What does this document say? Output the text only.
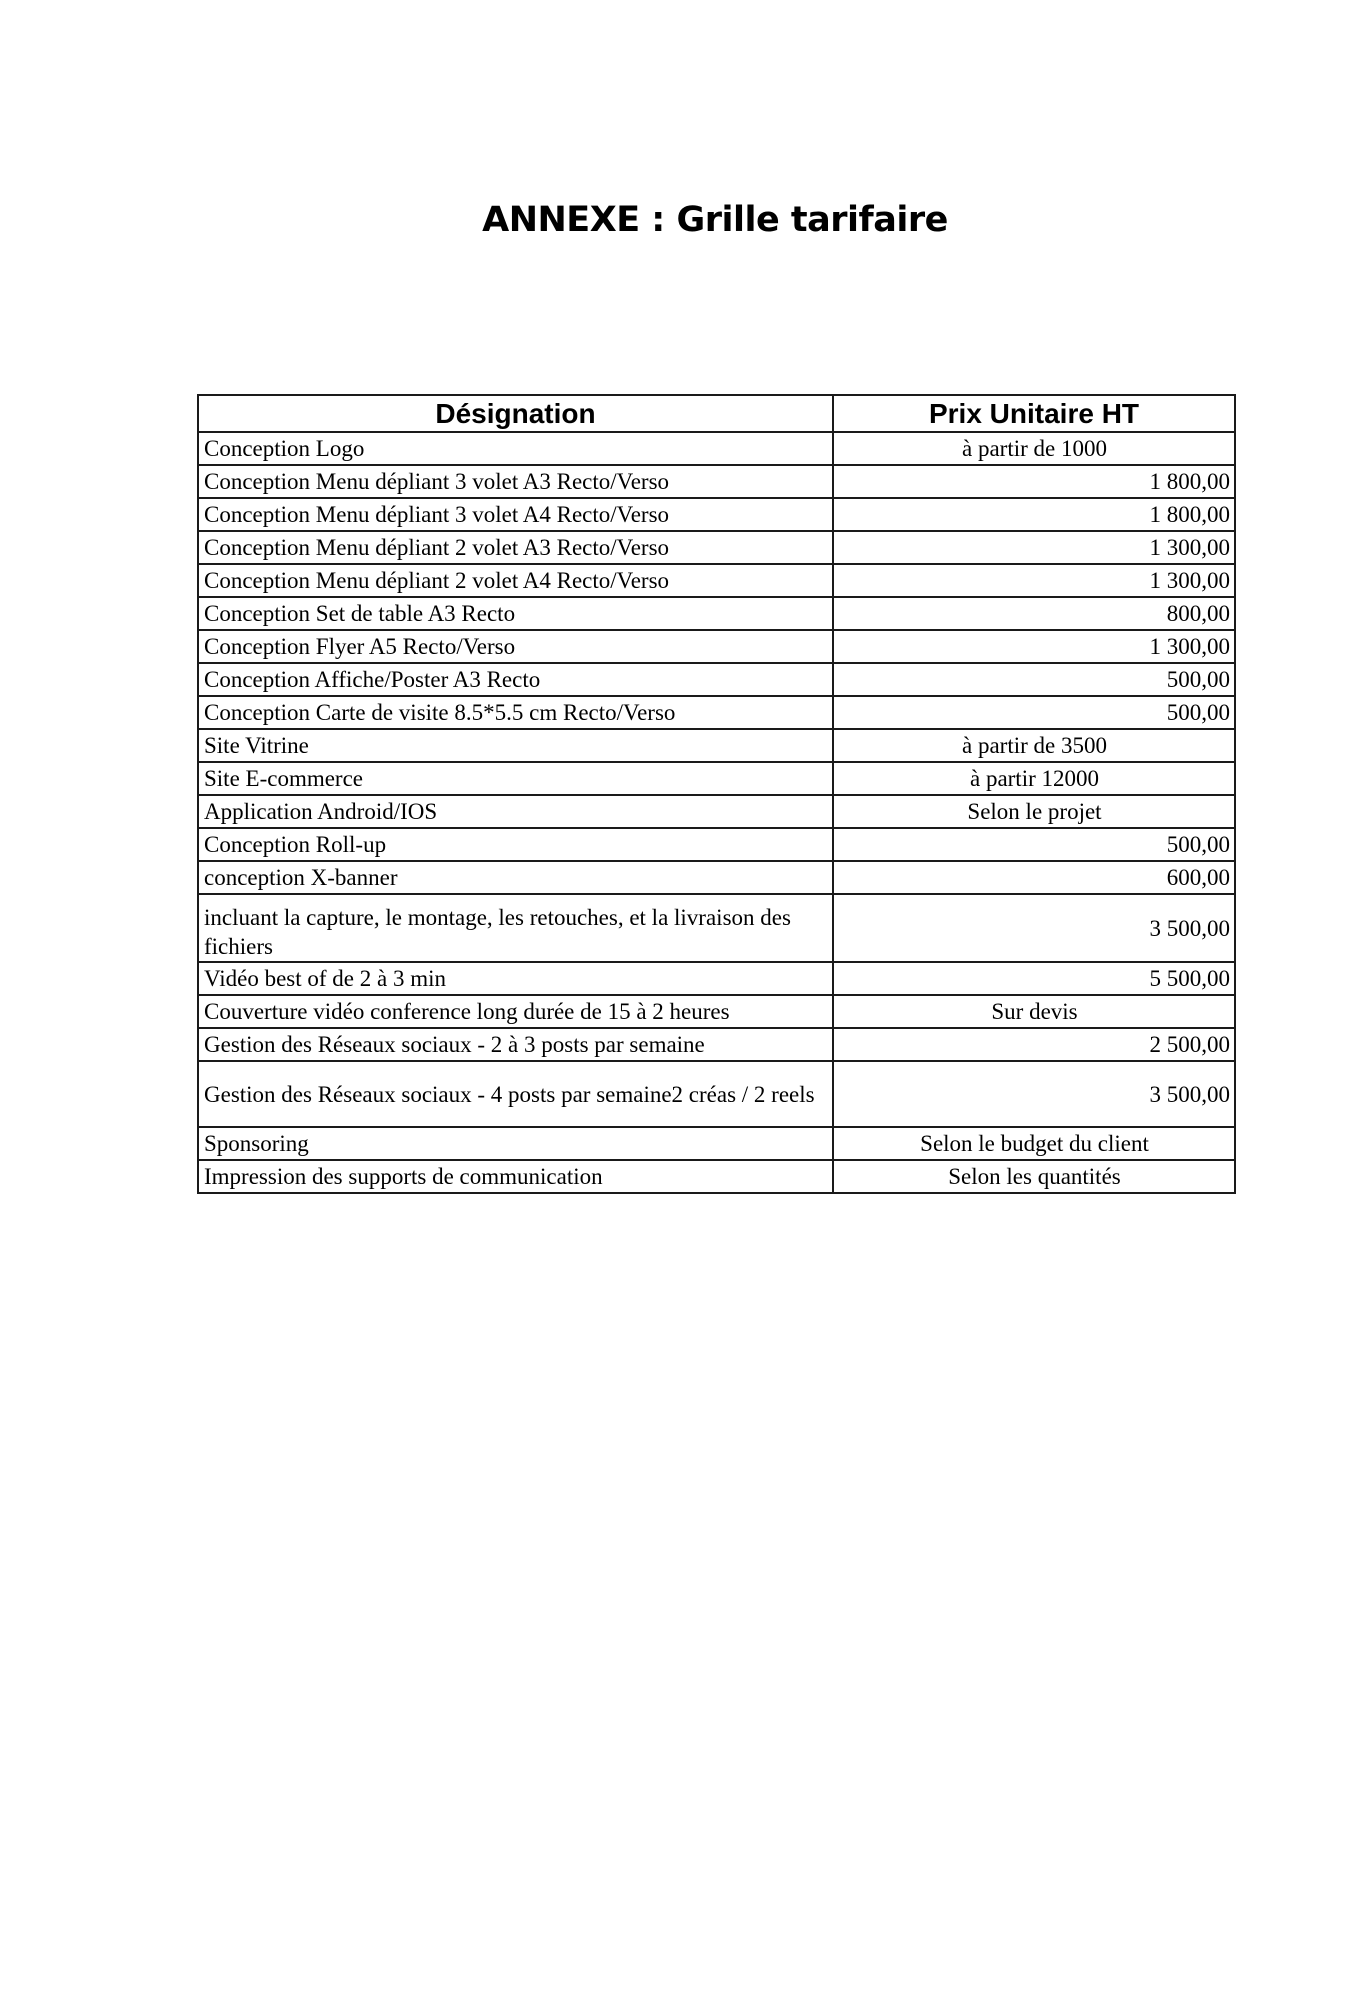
ANNEXE : Grille tarifaire
Désignation	Prix Unitaire HT
Conception Logo	à partir de 1000
Conception Menu dépliant 3 volet A3 Recto/Verso	1 800,00
Conception Menu dépliant 3 volet A4 Recto/Verso	1 800,00
Conception Menu dépliant 2 volet A3 Recto/Verso	1 300,00
Conception Menu dépliant 2 volet A4 Recto/Verso	1 300,00
Conception Set de table A3 Recto	800,00
Conception Flyer A5 Recto/Verso	1 300,00
Conception Affiche/Poster A3 Recto	500,00
Conception Carte de visite 8.5*5.5 cm Recto/Verso	500,00
Site Vitrine	à partir de 3500
Site E-commerce	à partir 12000
Application Android/IOS	Selon le projet
Conception Roll-up	500,00
conception X-banner	600,00

incluant la capture, le montage, les retouches, et la livraison des fichiers	3 500,00
Vidéo best of de 2 à 3 min	5 500,00
Couverture vidéo conference long durée de 15 à 2 heures	Sur devis
Gestion des Réseaux sociaux - 2 à 3 posts par semaine	2 500,00
Gestion des Réseaux sociaux - 4 posts par semaine2 créas / 2 reels	3 500,00
Sponsoring	Selon le budget du client
Impression des supports de communication	Selon les quantités
